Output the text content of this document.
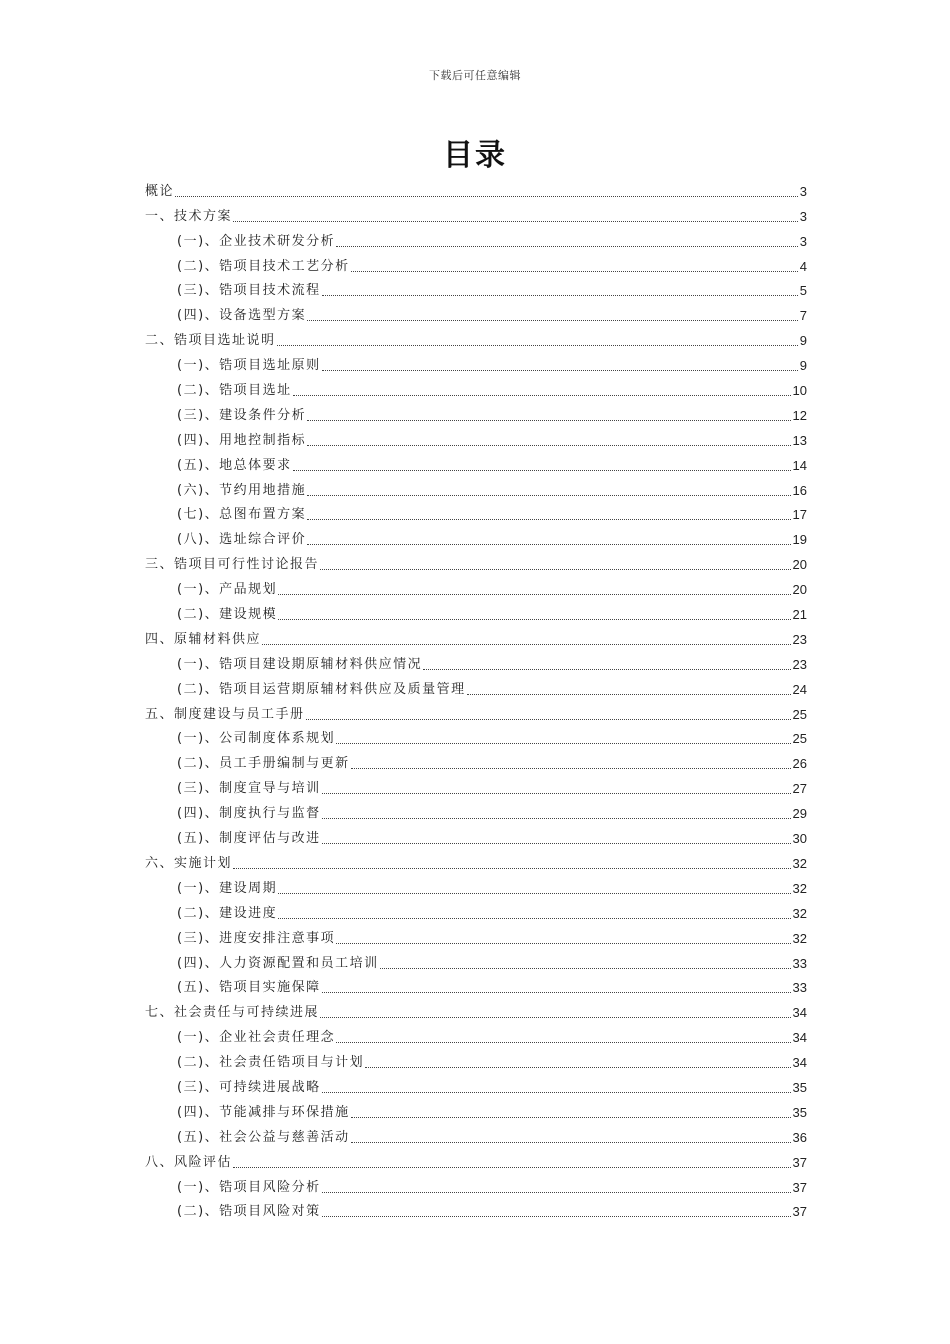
下载后可任意编辑
目录
概论	3
一、技术方案	3
(一)、企业技术研发分析	3
(二)、锆项目技术工艺分析	4
(三)、锆项目技术流程	5
(四)、设备选型方案	7
二、锆项目选址说明	9
(一)、锆项目选址原则	9
(二)、锆项目选址	10
(三)、建设条件分析	12
(四)、用地控制指标	13
(五)、地总体要求	14
(六)、节约用地措施	16
(七)、总图布置方案	17
(八)、选址综合评价	19
三、锆项目可行性讨论报告	20
(一)、产品规划	20
(二)、建设规模	21
四、原辅材料供应	23
(一)、锆项目建设期原辅材料供应情况	23
(二)、锆项目运营期原辅材料供应及质量管理	24
五、制度建设与员工手册	25
(一)、公司制度体系规划	25
(二)、员工手册编制与更新	26
(三)、制度宣导与培训	27
(四)、制度执行与监督	29
(五)、制度评估与改进	30
六、实施计划	32
(一)、建设周期	32
(二)、建设进度	32
(三)、进度安排注意事项	32
(四)、人力资源配置和员工培训	33
(五)、锆项目实施保障	33
七、社会责任与可持续进展	34
(一)、企业社会责任理念	34
(二)、社会责任锆项目与计划	34
(三)、可持续进展战略	35
(四)、节能减排与环保措施	35
(五)、社会公益与慈善活动	36
八、风险评估	37
(一)、锆项目风险分析	37
(二)、锆项目风险对策	37
